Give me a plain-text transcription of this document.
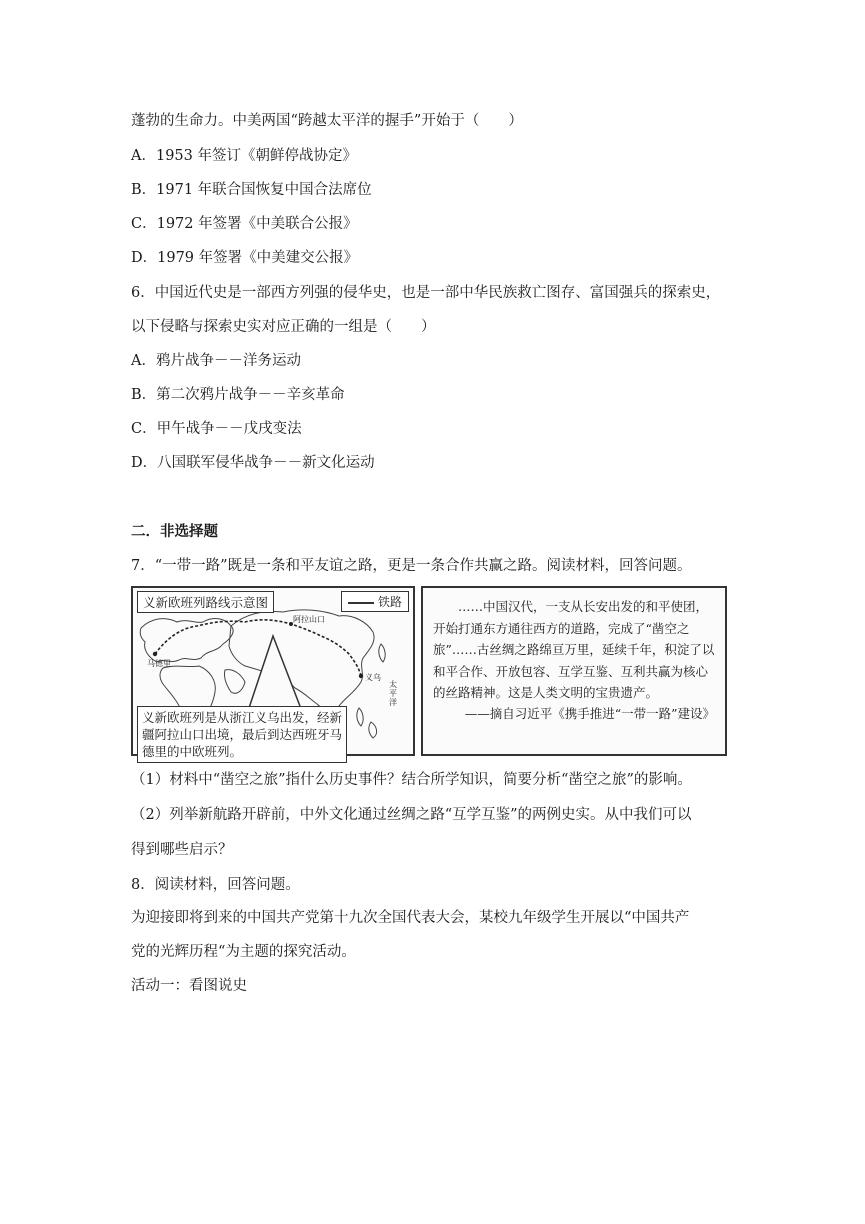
蓬勃的生命力。中美两国“跨越太平洋的握手”开始于（　　）
A．1953 年签订《朝鲜停战协定》
B．1971 年联合国恢复中国合法席位
C．1972 年签署《中美联合公报》
D．1979 年签署《中美建交公报》
6．中国近代史是一部西方列强的侵华史，也是一部中华民族救亡图存、富国强兵的探索史，
以下侵略与探索史实对应正确的一组是（　　）
A．鸦片战争－－洋务运动
B．第二次鸦片战争－－辛亥革命
C．甲午战争－－戊戌变法
D．八国联军侵华战争－－新文化运动
二．非选择题
7．“一带一路”既是一条和平友谊之路，更是一条合作共赢之路。阅读材料，回答问题。
马德里
阿拉山口
义乌
太平洋
义新欧班列路线示意图	铁路
义新欧班列是从浙江义乌出发，经新疆阿拉山口出境，最后到达西班牙马德里的中欧班列。
……中国汉代，一支从长安出发的和平使团，开始打通东方通往西方的道路，完成了“凿空之旅”……古丝绸之路绵亘万里，延续千年，积淀了以和平合作、开放包容、互学互鉴、互利共赢为核心的丝路精神。这是人类文明的宝贵遗产。
——摘自习近平《携手推进“一带一路”建设》
（1）材料中“凿空之旅”指什么历史事件？结合所学知识，简要分析“凿空之旅”的影响。
（2）列举新航路开辟前，中外文化通过丝绸之路“互学互鉴”的两例史实。从中我们可以
得到哪些启示？
8．阅读材料，回答问题。
为迎接即将到来的中国共产党第十九次全国代表大会，某校九年级学生开展以“中国共产
党的光辉历程“为主题的探究活动。
活动一：看图说史
